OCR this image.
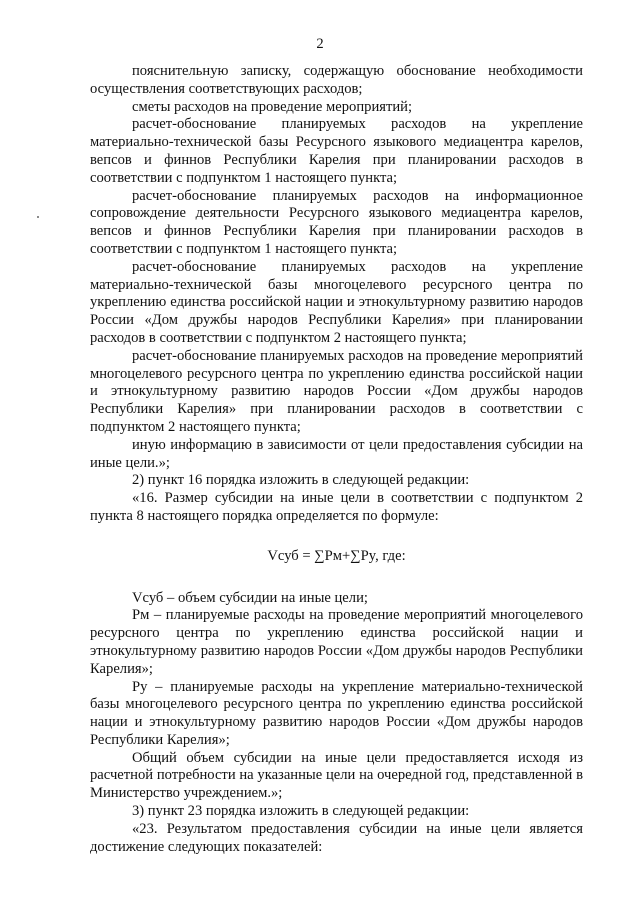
2

пояснительную записку, содержащую обоснование необходимости осуществления соответствующих расходов;

сметы расходов на проведение мероприятий;

расчет-обоснование планируемых расходов на укрепление материально-технической базы Ресурсного языкового медиацентра карелов, вепсов и финнов Республики Карелия при планировании расходов в соответствии с подпунктом 1 настоящего пункта;

расчет-обоснование планируемых расходов на информационное сопровождение деятельности Ресурсного языкового медиацентра карелов, вепсов и финнов Республики Карелия при планировании расходов в соответствии с подпунктом 1 настоящего пункта;

расчет-обоснование планируемых расходов на укрепление материально-технической базы многоцелевого ресурсного центра по укреплению единства российской нации и этнокультурному развитию народов России «Дом дружбы народов Республики Карелия» при планировании расходов в соответствии с подпунктом 2 настоящего пункта;

расчет-обоснование планируемых расходов на проведение мероприятий многоцелевого ресурсного центра по укреплению единства российской нации и этнокультурному развитию народов России «Дом дружбы народов Республики Карелия» при планировании расходов в соответствии с подпунктом 2 настоящего пункта;

иную информацию в зависимости от цели предоставления субсидии на иные цели.»;

2) пункт 16 порядка изложить в следующей редакции:

«16. Размер субсидии на иные цели в соответствии с подпунктом 2 пункта 8 настоящего порядка определяется по формуле:

Vсуб = ∑Pм+∑Py, где:

Vсуб – объем субсидии на иные цели;

Рм – планируемые расходы на проведение мероприятий многоцелевого ресурсного центра по укреплению единства российской нации и этнокультурному развитию народов России «Дом дружбы народов Республики Карелия»;

Ру – планируемые расходы на укрепление материально-технической базы многоцелевого ресурсного центра по укреплению единства российской нации и этнокультурному развитию народов России «Дом дружбы народов Республики Карелия»;

Общий объем субсидии на иные цели предоставляется исходя из расчетной потребности на указанные цели на очередной год, представленной в Министерство учреждением.»;

3) пункт 23 порядка изложить в следующей редакции:

«23. Результатом предоставления субсидии на иные цели является достижение следующих показателей:
